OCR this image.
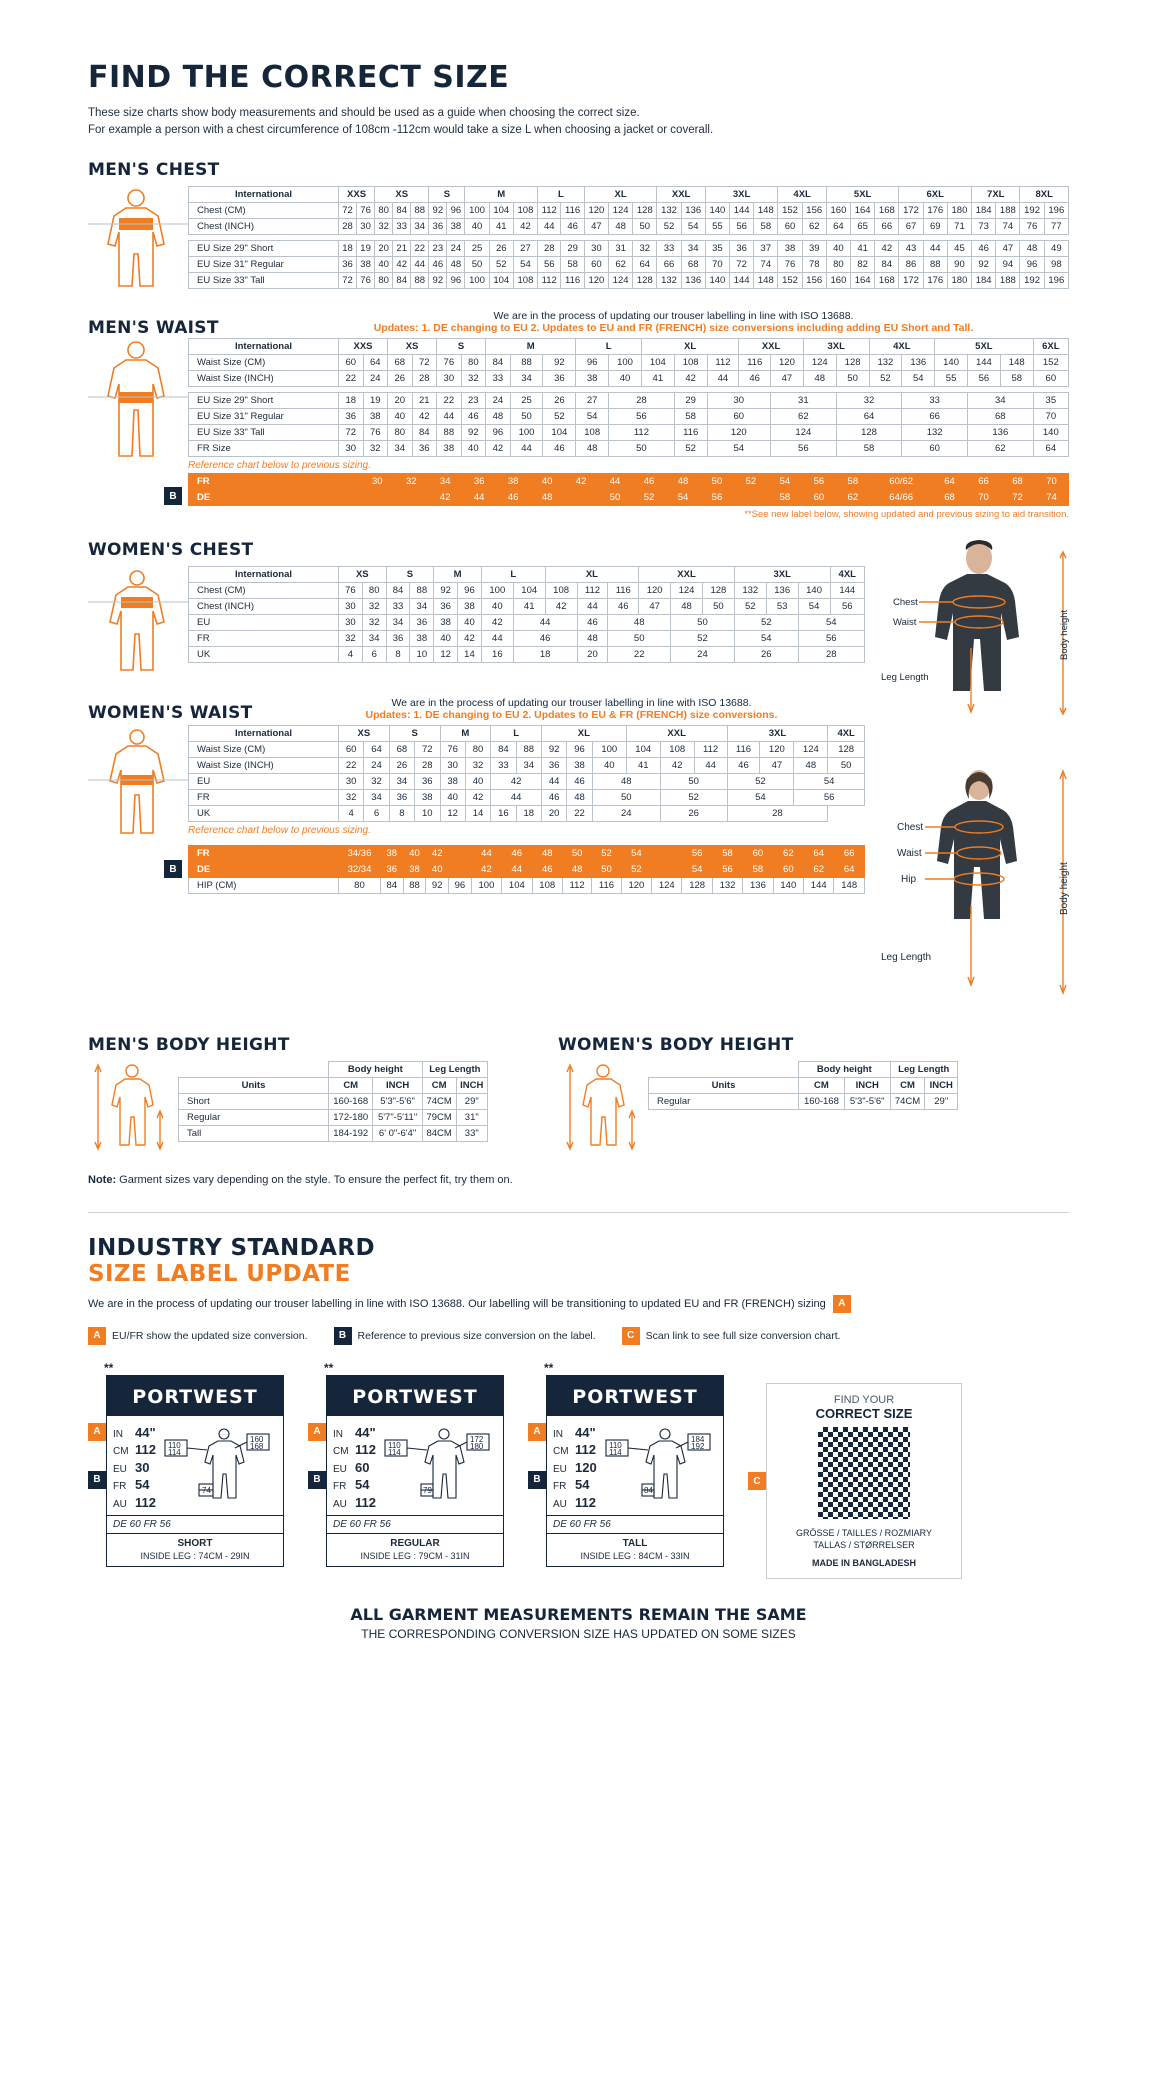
FIND THE CORRECT SIZE
These size charts show body measurements and should be used as a guide when choosing the correct size.
For example a person with a chest circumference of 108cm -112cm would take a size L when choosing a jacket or coverall.
MEN'S CHEST
International	XXS		XS			S		M			L		XL			XXL		3XL			4XL		5XL			6XL			7XL		8XL	
Chest (CM)	72	76	80	84	88	92	96	100	104	108	112	116	120	124	128	132	136	140	144	148	152	156	160	164	168	172	176	180	184	188	192	196
Chest (INCH)	28	30	32	33	34	36	38	40	41	42	44	46	47	48	50	52	54	55	56	58	60	62	64	65	66	67	69	71	73	74	76	77

EU Size 29" Short	18	19	20	21	22	23	24	25	26	27	28	29	30	31	32	33	34	35	36	37	38	39	40	41	42	43	44	45	46	47	48	49
EU Size 31" Regular	36	38	40	42	44	46	48	50	52	54	56	58	60	62	64	66	68	70	72	74	76	78	80	82	84	86	88	90	92	94	96	98
EU Size 33" Tall	72	76	80	84	88	92	96	100	104	108	112	116	120	124	128	132	136	140	144	148	152	156	160	164	168	172	176	180	184	188	192	196
MEN'S WAIST
We are in the process of updating our trouser labelling in line with ISO 13688.
Updates: 1. DE changing to EU 2. Updates to EU and FR (FRENCH) size conversions including adding EU Short and Tall.
International	XXS		XS		S		M			L		XL			XXL		3XL		4XL		5XL			6XL
Waist Size (CM)	60	64	68	72	76	80	84	88	92	96	100	104	108	112	116	120	124	128	132	136	140	144	148	152
Waist Size (INCH)	22	24	26	28	30	32	33	34	36	38	40	41	42	44	46	47	48	50	52	54	55	56	58	60

EU Size 29" Short	18	19	20	21	22	23	24	25	26	27	28		29	30		31		32		33		34		35
EU Size 31" Regular	36	38	40	42	44	46	48	50	52	54	56		58	60		62		64		66		68		70
EU Size 33" Tall	72	76	80	84	88	92	96	100	104	108	112		116	120		124		128		132		136		140
FR Size	30	32	34	36	38	40	42	44	46	48	50		52	54		56		58		60		62		64
Reference chart below to previous sizing.
B
FR			30	32	34	36	38	40	42	44	46	48	50	52	54	56	58	60/62	64	66	68	70
DE					42	44	46	48		50	52	54	56		58	60	62	64/66	68	70	72	74
**See new label below, showing updated and previous sizing to aid transition.
WOMEN'S CHEST
International	XS		S		M		L		XL			XXL			3XL			4XL
Chest (CM)	76	80	84	88	92	96	100	104	108	112	116	120	124	128	132	136	140	144
Chest (INCH)	30	32	33	34	36	38	40	41	42	44	46	47	48	50	52	53	54	56
EU	30	32	34	36	38	40	42	44		46	48		50		52		54	
FR	32	34	36	38	40	42	44	46		48	50		52		54		56	
UK	4	6	8	10	12	14	16	18		20	22		24		26		28	
WOMEN'S WAIST	We are in the process of updating our trouser labelling in line with ISO 13688.
Updates: 1. DE changing to EU 2. Updates to EU & FR (FRENCH) size conversions.
International	XS		S		M		L		XL			XXL			3XL			4XL
Waist Size (CM)	60	64	68	72	76	80	84	88	92	96	100	104	108	112	116	120	124	128
Waist Size (INCH)	22	24	26	28	30	32	33	34	36	38	40	41	42	44	46	47	48	50
EU	30	32	34	36	38	40	42		44	46	48		50		52		54	
FR	32	34	36	38	40	42	44		46	48	50		52		54		56	
UK	4	6	8	10	12	14	16	18	20	22	24		26		28			
Reference chart below to previous sizing.
B
FR	34/36	38	40	42		44	46	48	50	52	54		56	58	60	62	64	66
DE	32/34	36	38	40		42	44	46	48	50	52		54	56	58	60	62	64
HIP (CM)	80	84	88	92	96	100	104	108	112	116	120	124	128	132	136	140	144	148
Chest
Waist
Leg Length
Body height
Chest
Waist
Hip
Leg Length
Body height
MEN'S BODY HEIGHT
	Body height		Leg Length	
Units	CM	INCH	CM	INCH
Short	160-168	5'3"-5'6"	74CM	29"
Regular	172-180	5'7"-5'11"	79CM	31"
Tall	184-192	6' 0"-6'4"	84CM	33"
WOMEN'S BODY HEIGHT
	Body height		Leg Length	
Units	CM	INCH	CM	INCH
Regular	160-168	5'3"-5'6"	74CM	29"
Note: Garment sizes vary depending on the style. To ensure the perfect fit, try them on.
INDUSTRY STANDARD
SIZE LABEL UPDATE
We are in the process of updating our trouser labelling in line with ISO 13688. Our labelling will be transitioning to updated EU and FR (FRENCH) sizing A
A	EU/FR show the updated size conversion.	B	Reference to previous size conversion on the label.	C	Scan link to see full size conversion chart.
**
A
B
PORTWEST
IN 44"
CM 112
EU 30
FR 54
AU 112
110
114
160
168
74
DE 60 FR 56
SHORT
INSIDE LEG : 74CM - 29IN
**
A
B
PORTWEST
IN 44"
CM 112
EU 60
FR 54
AU 112
110
114
172
180
79
DE 60 FR 56
REGULAR
INSIDE LEG : 79CM - 31IN
**
A
B
PORTWEST
IN 44"
CM 112
EU 120
FR 54
AU 112
110
114
184
192
84
DE 60 FR 56
TALL
INSIDE LEG : 84CM - 33IN
C
FIND YOUR
CORRECT SIZE
GRÖSSE / TAILLES / ROZMIARY
TALLAS / STØRRELSER
MADE IN BANGLADESH
ALL GARMENT MEASUREMENTS REMAIN THE SAME
THE CORRESPONDING CONVERSION SIZE HAS UPDATED ON SOME SIZES
